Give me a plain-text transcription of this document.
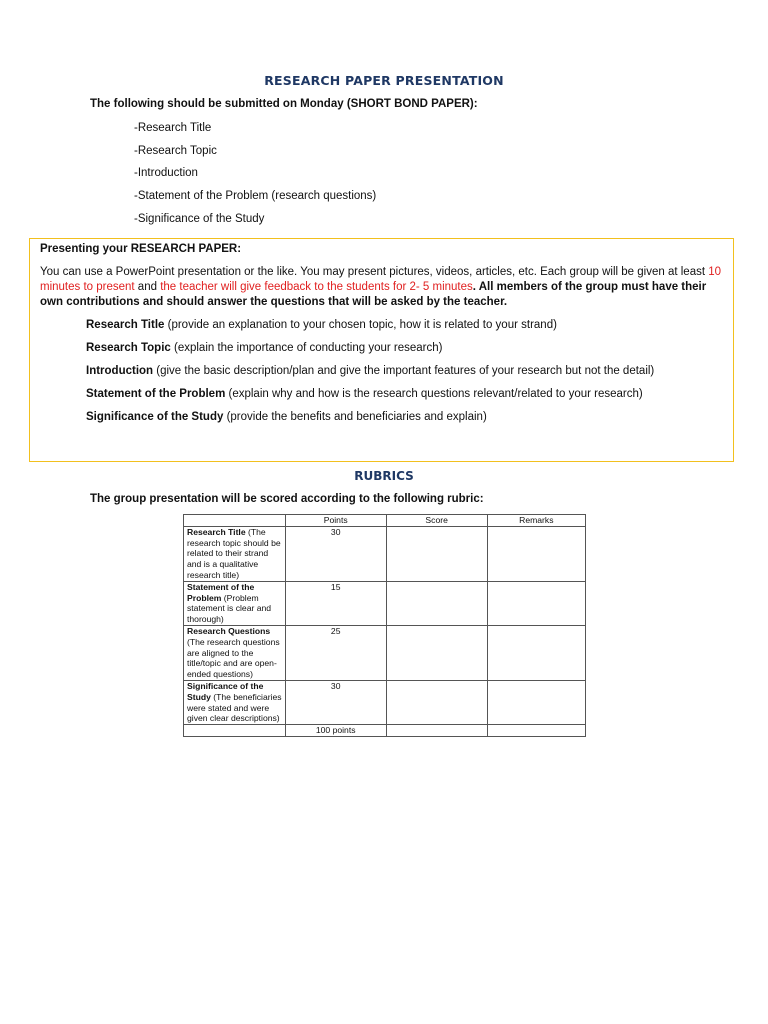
RESEARCH PAPER PRESENTATION
The following should be submitted on Monday (SHORT BOND PAPER):
-Research Title
-Research Topic
-Introduction
-Statement of the Problem (research questions)
-Significance of the Study
Presenting your RESEARCH PAPER:
You can use a PowerPoint presentation or the like. You may present pictures, videos, articles, etc. Each group will be given at least 10 minutes to present and the teacher will give feedback to the students for 2- 5 minutes. All members of the group must have their own contributions and should answer the questions that will be asked by the teacher.
Research Title (provide an explanation to your chosen topic, how it is related to your strand)
Research Topic (explain the importance of conducting your research)
Introduction (give the basic description/plan and give the important features of your research but not the detail)
Statement of the Problem (explain why and how is the research questions relevant/related to your research)
Significance of the Study (provide the benefits and beneficiaries and explain)
RUBRICS
The group presentation will be scored according to the following rubric:
	Points	Score	Remarks
Research Title (The research topic should be related to their strand and is a qualitative research title)	30		
Statement of the Problem (Problem statement is clear and thorough)	15		
Research Questions (The research questions are aligned to the title/topic and are open-ended questions)	25		
Significance of the Study (The beneficiaries were stated and were given clear descriptions)	30		
	100 points		
